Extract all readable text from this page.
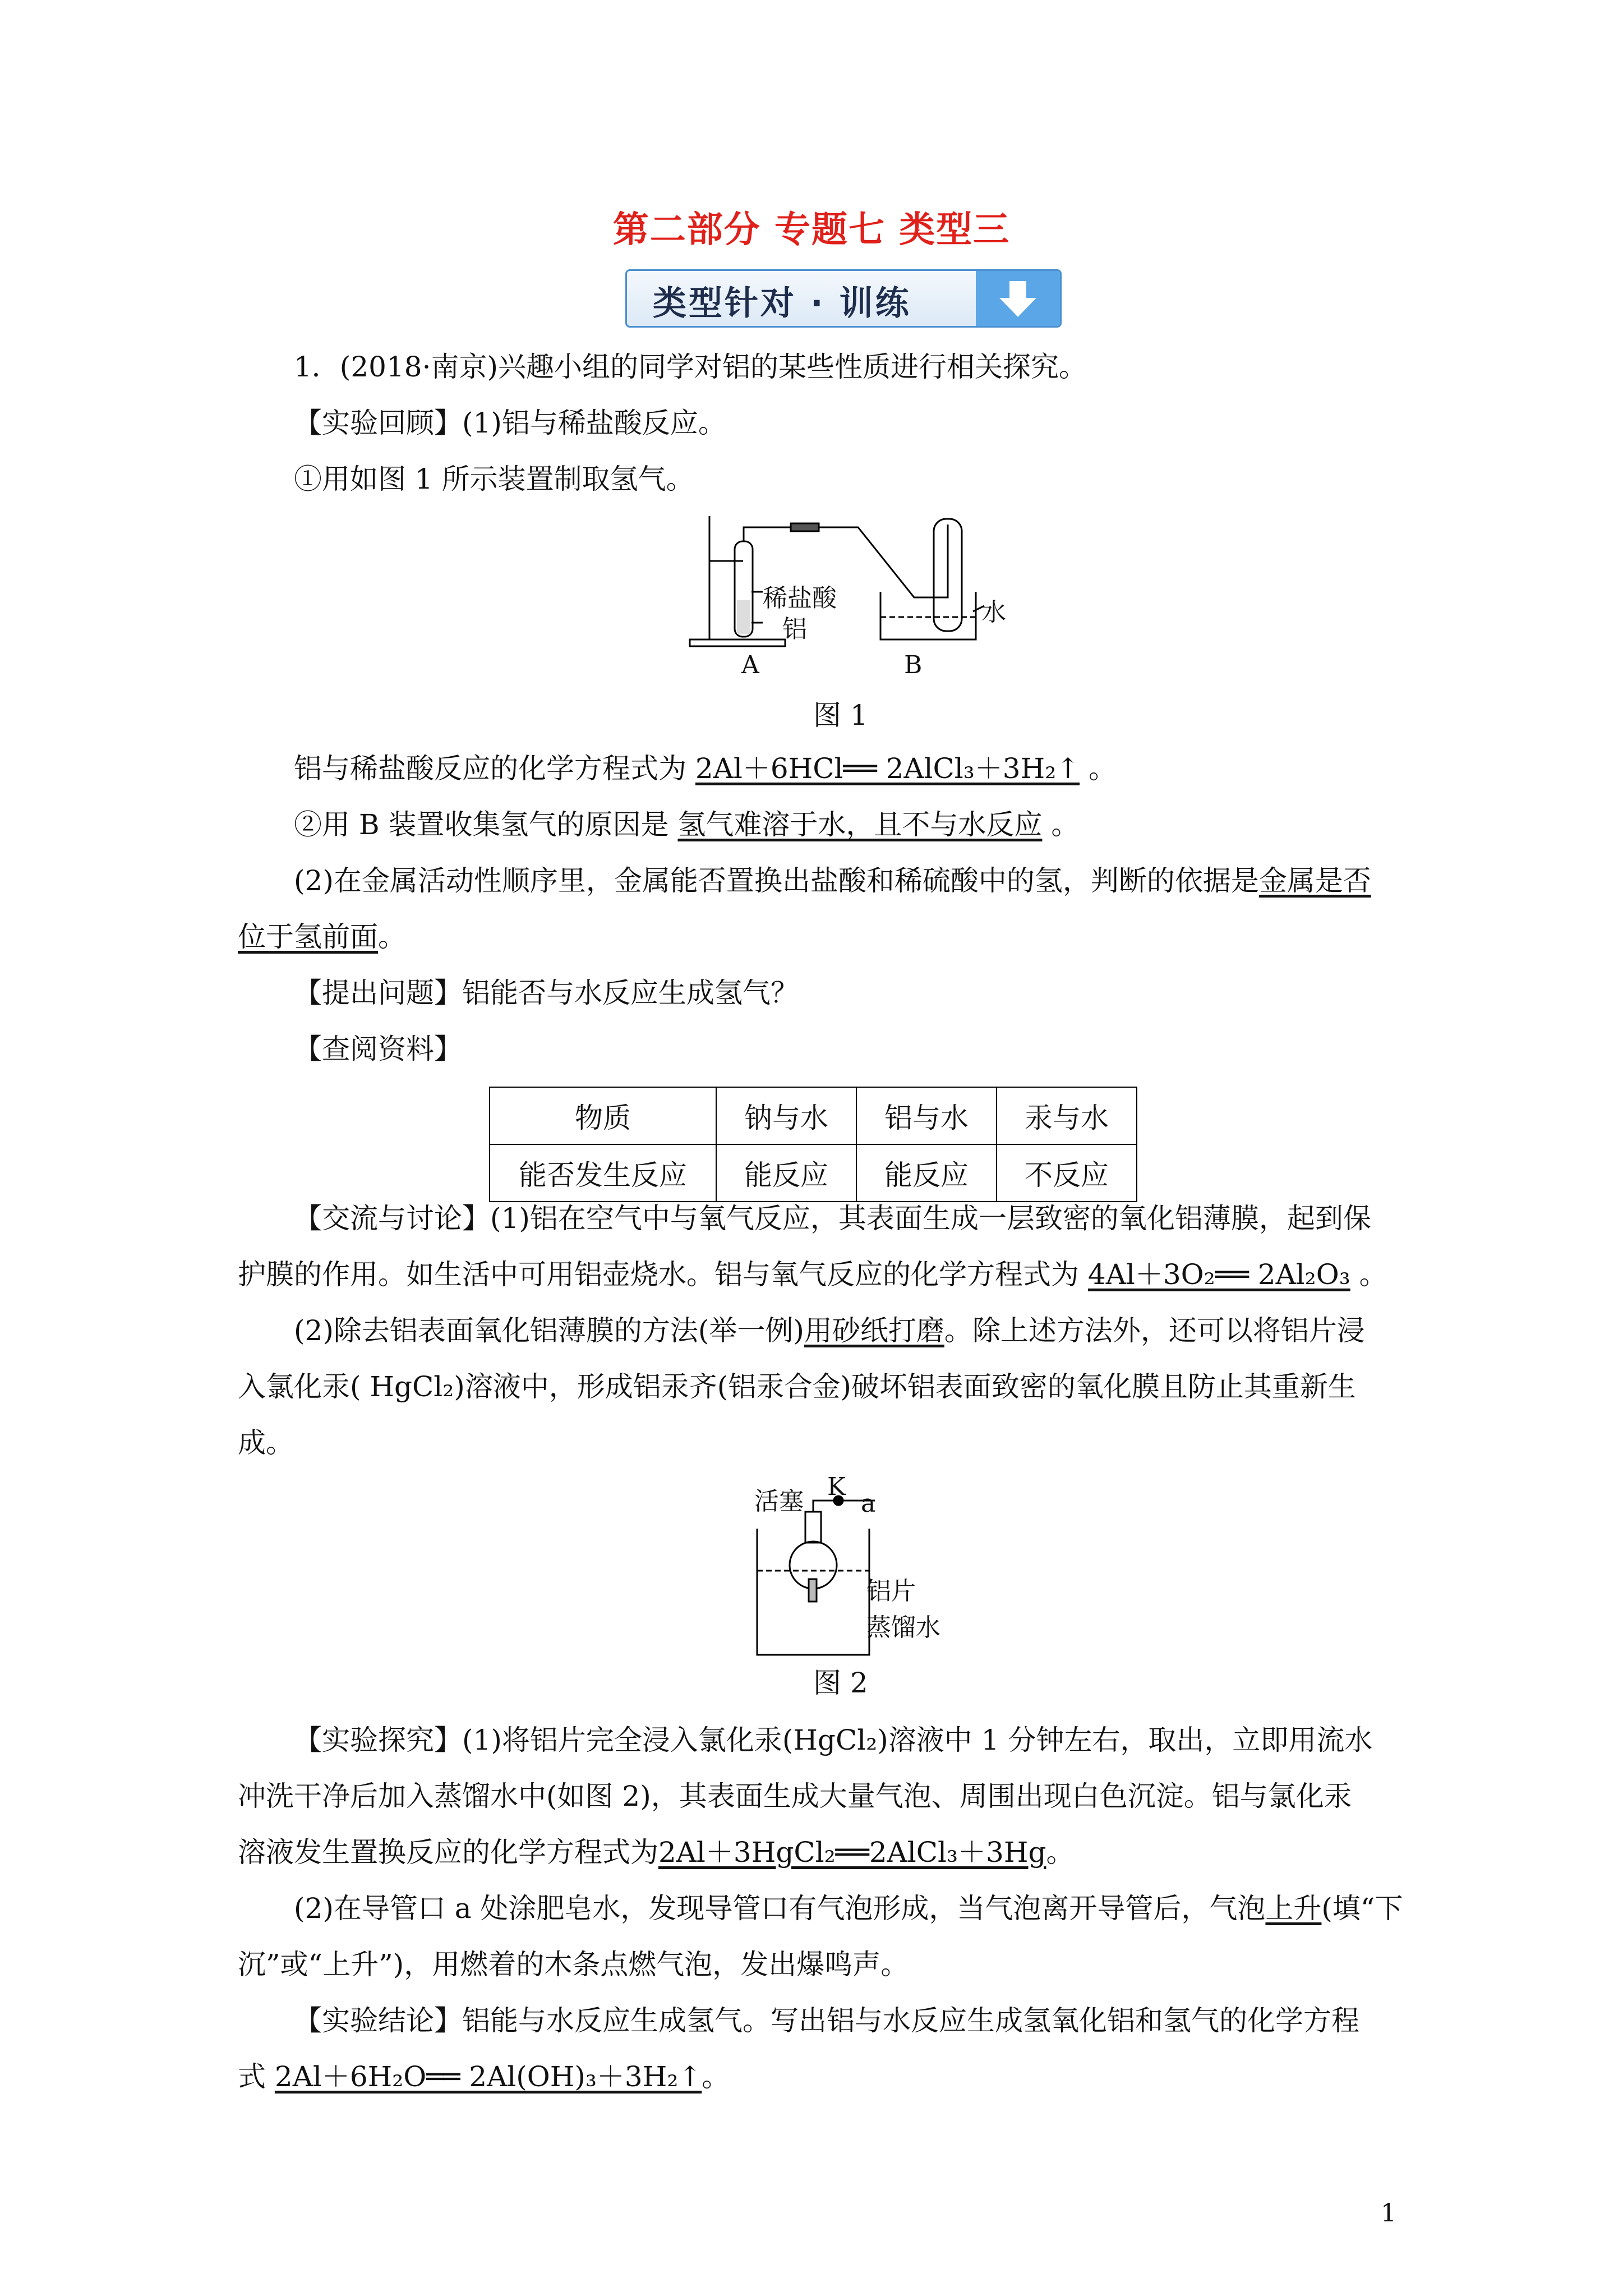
第二部分 专题七 类型三
类型针对 · 训练
1．(2018·南京)兴趣小组的同学对铝的某些性质进行相关探究。
【实验回顾】(1)铝与稀盐酸反应。
①用如图 1 所示装置制取氢气。
稀盐酸
铝
水
A	B
图 1
铝与稀盐酸反应的化学方程式为 2Al＋6HCl══ 2AlCl₃＋3H₂↑ 。
②用 B 装置收集氢气的原因是 氢气难溶于水，且不与水反应 。
(2)在金属活动性顺序里，金属能否置换出盐酸和稀硫酸中的氢，判断的依据是金属是否
位于氢前面。
【提出问题】铝能否与水反应生成氢气？
【查阅资料】
物质	钠与水	铝与水	汞与水
能否发生反应	能反应	能反应	不反应
【交流与讨论】(1)铝在空气中与氧气反应，其表面生成一层致密的氧化铝薄膜，起到保
护膜的作用。如生活中可用铝壶烧水。铝与氧气反应的化学方程式为 4Al＋3O₂══ 2Al₂O₃ 。
(2)除去铝表面氧化铝薄膜的方法(举一例)用砂纸打磨。除上述方法外，还可以将铝片浸
入氯化汞( HgCl₂)溶液中，形成铝汞齐(铝汞合金)破坏铝表面致密的氧化膜且防止其重新生
成。
活塞
K
a
铝片
蒸馏水
图 2
【实验探究】(1)将铝片完全浸入氯化汞(HgCl₂)溶液中 1 分钟左右，取出，立即用流水
冲洗干净后加入蒸馏水中(如图 2)，其表面生成大量气泡、周围出现白色沉淀。铝与氯化汞
溶液发生置换反应的化学方程式为2Al＋3HgCl₂══2AlCl₃＋3Hg。
(2)在导管口 a 处涂肥皂水，发现导管口有气泡形成，当气泡离开导管后，气泡上升(填“下
沉”或“上升”)，用燃着的木条点燃气泡，发出爆鸣声。
【实验结论】铝能与水反应生成氢气。写出铝与水反应生成氢氧化铝和氢气的化学方程
式 2Al＋6H₂O══ 2Al(OH)₃＋3H₂↑。
1
